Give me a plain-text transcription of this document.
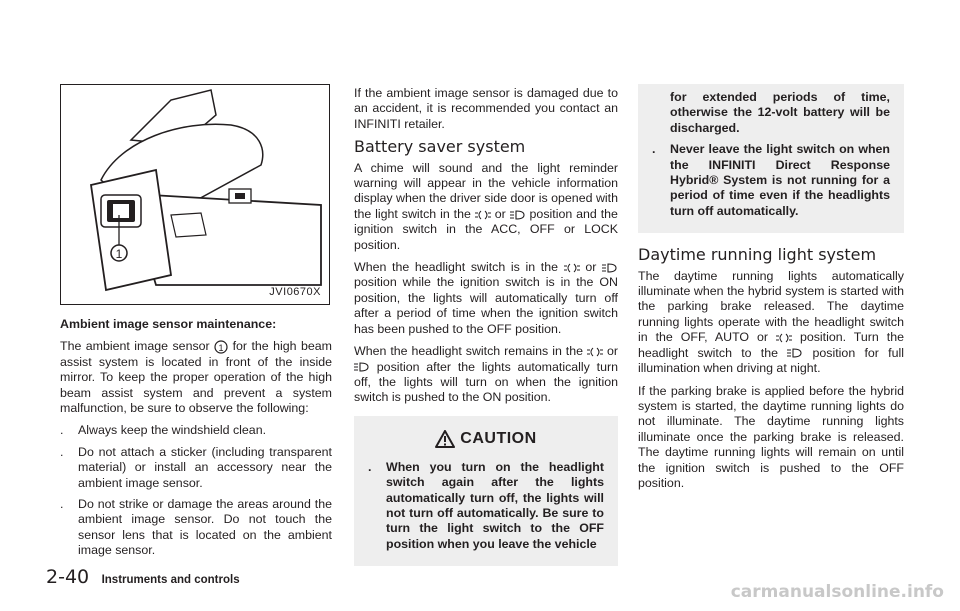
1
JVI0670X

Ambient image sensor maintenance:

The ambient image sensor 1 for the high beam assist system is located in front of the inside mirror. To keep the proper operation of the high beam assist system and prevent a system malfunction, be sure to observe the following:

. Always keep the windshield clean.
. Do not attach a sticker (including transparent material) or install an accessory near the ambient image sensor.
. Do not strike or damage the areas around the ambient image sensor. Do not touch the sensor lens that is located on the ambient image sensor.

If the ambient image sensor is damaged due to an accident, it is recommended you contact an INFINITI retailer.

Battery saver system

A chime will sound and the light reminder warning will appear in the vehicle information display when the driver side door is opened with the light switch in the or position and the ignition switch in the ACC, OFF or LOCK position.

When the headlight switch is in the or  position while the ignition switch is in the ON position, the lights will automatically turn off after a period of time when the ignition switch has been pushed to the OFF position.

When the headlight switch remains in the or  position after the lights automatically turn off, the lights will turn on when the ignition switch is pushed to the ON position.

CAUTION
. When you turn on the headlight switch again after the lights automatically turn off, the lights will not turn off automatically. Be sure to turn the light switch to the OFF position when you leave the vehicle
for extended periods of time, otherwise the 12-volt battery will be discharged.
. Never leave the light switch on when the INFINITI Direct Response Hybrid® System is not running for a period of time even if the headlights turn off automatically.
Daytime running light system

The daytime running lights automatically illuminate when the hybrid system is started with the parking brake released. The daytime running lights operate with the headlight switch in the OFF, AUTO or	position. Turn the headlight switch to the	position for full illumination when driving at night.

If the parking brake is applied before the hybrid system is started, the daytime running lights do not illuminate. The daytime running lights illuminate once the parking brake is released. The daytime running lights will remain on until the ignition switch is pushed to the OFF position.

2-40 Instruments and controls
carmanualsonline.info
